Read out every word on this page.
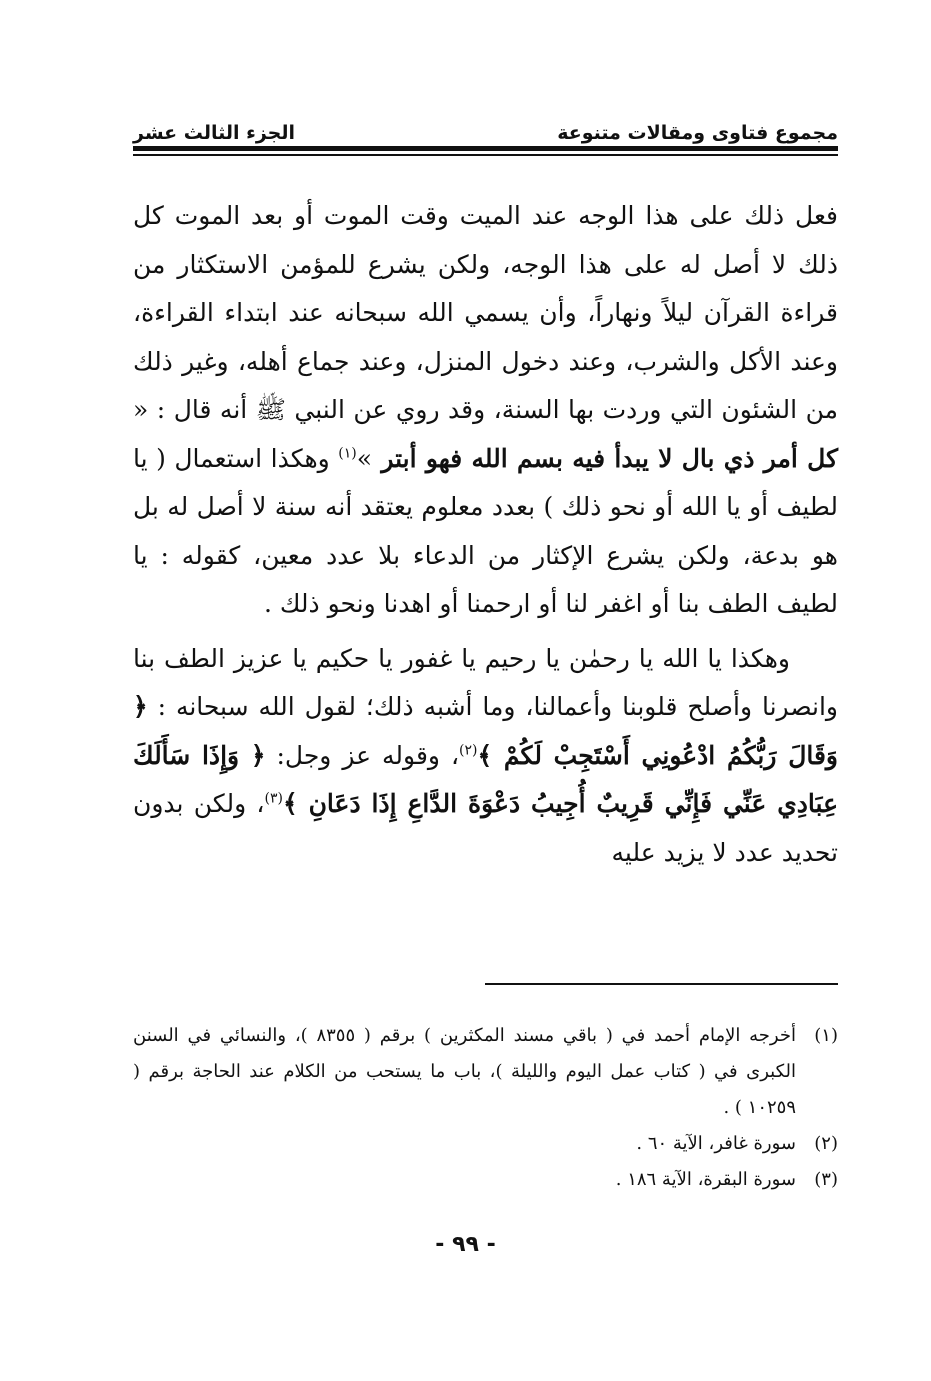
مجموع فتاوى ومقالات متنوعة
الجزء الثالث عشر

فعل ذلك على هذا الوجه عند الميت وقت الموت أو بعد الموت كل ذلك لا أصل له على هذا الوجه، ولكن يشرع للمؤمن الاستكثار من قراءة القرآن ليلاً ونهاراً، وأن يسمي الله سبحانه عند ابتداء القراءة، وعند الأكل والشرب، وعند دخول المنزل، وعند جماع أهله، وغير ذلك من الشئون التي وردت بها السنة، وقد روي عن النبي ﷺ أنه قال : « كل أمر ذي بال لا يبدأ فيه بسم الله فهو أبتر »$^{(١)}$ وهكذا استعمال ( يا لطيف أو يا الله أو نحو ذلك ) بعدد معلوم يعتقد أنه سنة لا أصل له بل هو بدعة، ولكن يشرع الإكثار من الدعاء بلا عدد معين، كقوله : يا لطيف الطف بنا أو اغفر لنا أو ارحمنا أو اهدنا ونحو ذلك .

وهكذا يا الله يا رحمٰن يا رحيم يا غفور يا حكيم يا عزيز الطف بنا وانصرنا وأصلح قلوبنا وأعمالنا، وما أشبه ذلك؛ لقول الله سبحانه : ﴿ وَقَالَ رَبُّكُمُ ادْعُونِي أَسْتَجِبْ لَكُمْ ﴾$^{(٢)}$، وقوله عز وجل: ﴿ وَإِذَا سَأَلَكَ عِبَادِي عَنِّي فَإِنِّي قَرِيبٌ أُجِيبُ دَعْوَةَ الدَّاعِ إِذَا دَعَانِ ﴾$^{(٣)}$، ولكن بدون تحديد عدد لا يزيد عليه

(١)
أخرجه الإمام أحمد في ( باقي مسند المكثرين ) برقم ( ٨٣٥٥ )، والنسائي في السنن الكبرى في ( كتاب عمل اليوم والليلة )، باب ما يستحب من الكلام عند الحاجة برقم ( ١٠٢٥٩ ) .
(٢)
سورة غافر، الآية ٦٠ .
(٣)
سورة البقرة، الآية ١٨٦ .
- ٩٩ -
